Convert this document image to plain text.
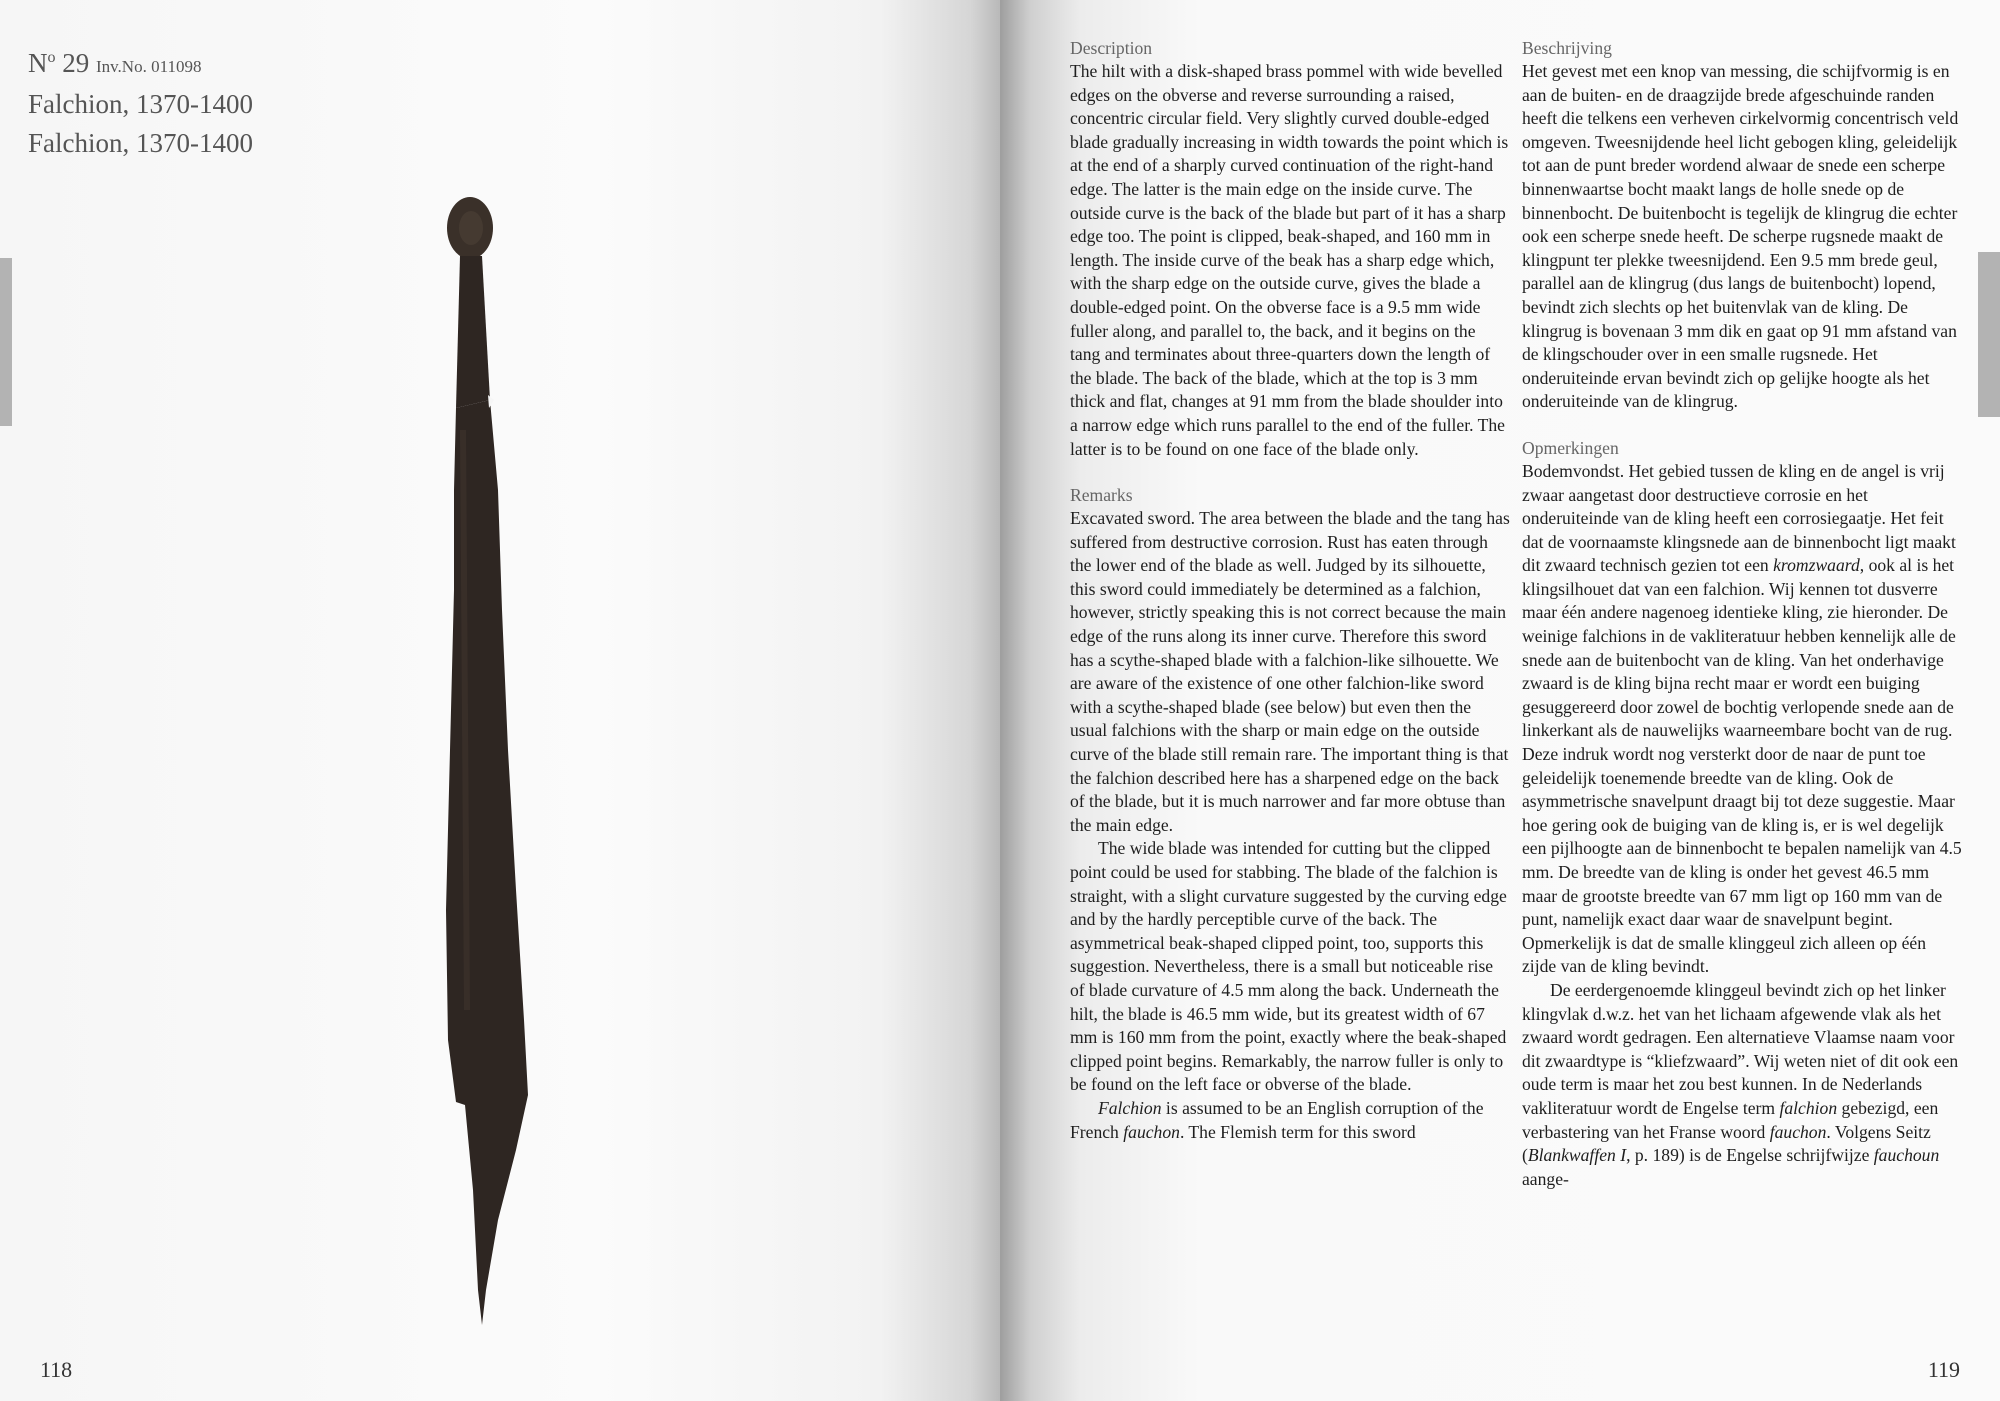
$N^o$ 29 Inv.No. 011098
Falchion, 1370-1400
Falchion, 1370-1400
118
Description

The hilt with a disk-shaped brass pommel with wide bevelled edges on the obverse and reverse surrounding a raised, concentric circular field. Very slightly curved double-edged blade gradually increasing in width towards the point which is at the end of a sharply curved continuation of the right-hand edge. The latter is the main edge on the inside curve. The outside curve is the back of the blade but part of it has a sharp edge too. The point is clipped, beak-shaped, and 160 mm in length. The inside curve of the beak has a sharp edge which, with the sharp edge on the outside curve, gives the blade a double-edged point. On the obverse face is a 9.5 mm wide fuller along, and parallel to, the back, and it begins on the tang and terminates about three-quarters down the length of the blade. The back of the blade, which at the top is 3 mm thick and flat, changes at 91 mm from the blade shoulder into a narrow edge which runs parallel to the end of the fuller. The latter is to be found on one face of the blade only.

Remarks

Excavated sword. The area between the blade and the tang has suffered from destructive corrosion. Rust has eaten through the lower end of the blade as well. Judged by its silhouette, this sword could immediately be determined as a falchion, however, strictly speaking this is not correct because the main edge of the runs along its inner curve. Therefore this sword has a scythe-shaped blade with a falchion-like silhouette. We are aware of the existence of one other falchion-like sword with a scythe-shaped blade (see below) but even then the usual falchions with the sharp or main edge on the outside curve of the blade still remain rare. The important thing is that the falchion described here has a sharpened edge on the back of the blade, but it is much narrower and far more obtuse than the main edge.

The wide blade was intended for cutting but the clipped point could be used for stabbing. The blade of the falchion is straight, with a slight curvature suggested by the curving edge and by the hardly perceptible curve of the back. The asymmetrical beak-shaped clipped point, too, supports this suggestion. Nevertheless, there is a small but noticeable rise of blade curvature of 4.5 mm along the back. Underneath the hilt, the blade is 46.5 mm wide, but its greatest width of 67 mm is 160 mm from the point, exactly where the beak-shaped clipped point begins. Remarkably, the narrow fuller is only to be found on the left face or obverse of the blade.

Falchion is assumed to be an English corruption of the French fauchon. The Flemish term for this sword

Beschrijving

Het gevest met een knop van messing, die schijfvormig is en aan de buiten- en de draagzijde brede afgeschuinde randen heeft die telkens een verheven cirkelvormig concentrisch veld omgeven. Tweesnijdende heel licht gebogen kling, geleidelijk tot aan de punt breder wordend alwaar de snede een scherpe binnenwaartse bocht maakt langs de holle snede op de binnenbocht. De buitenbocht is tegelijk de klingrug die echter ook een scherpe snede heeft. De scherpe rugsnede maakt de klingpunt ter plekke tweesnijdend. Een 9.5 mm brede geul, parallel aan de klingrug (dus langs de buitenbocht) lopend, bevindt zich slechts op het buitenvlak van de kling. De klingrug is bovenaan 3 mm dik en gaat op 91 mm afstand van de klingschouder over in een smalle rugsnede. Het onderuiteinde ervan bevindt zich op gelijke hoogte als het onderuiteinde van de klingrug.

Opmerkingen

Bodemvondst. Het gebied tussen de kling en de angel is vrij zwaar aangetast door destructieve corrosie en het onderuiteinde van de kling heeft een corrosiegaatje. Het feit dat de voornaamste klingsnede aan de binnenbocht ligt maakt dit zwaard technisch gezien tot een kromzwaard, ook al is het klingsilhouet dat van een falchion. Wij kennen tot dusverre maar één andere nagenoeg identieke kling, zie hieronder. De weinige falchions in de vakliteratuur hebben kennelijk alle de snede aan de buitenbocht van de kling. Van het onderhavige zwaard is de kling bijna recht maar er wordt een buiging gesuggereerd door zowel de bochtig verlopende snede aan de linkerkant als de nauwelijks waarneembare bocht van de rug. Deze indruk wordt nog versterkt door de naar de punt toe geleidelijk toenemende breedte van de kling. Ook de asymmetrische snavelpunt draagt bij tot deze suggestie. Maar hoe gering ook de buiging van de kling is, er is wel degelijk een pijlhoogte aan de binnenbocht te bepalen namelijk van 4.5 mm. De breedte van de kling is onder het gevest 46.5 mm maar de grootste breedte van 67 mm ligt op 160 mm van de punt, namelijk exact daar waar de snavelpunt begint. Opmerkelijk is dat de smalle klinggeul zich alleen op één zijde van de kling bevindt.

De eerdergenoemde klinggeul bevindt zich op het linker klingvlak d.w.z. het van het lichaam afgewende vlak als het zwaard wordt gedragen. Een alternatieve Vlaamse naam voor dit zwaardtype is “kliefzwaard”. Wij weten niet of dit ook een oude term is maar het zou best kunnen. In de Nederlands vakliteratuur wordt de Engelse term falchion gebezigd, een verbastering van het Franse woord fauchon. Volgens Seitz (Blankwaffen I, p. 189) is de Engelse schrijfwijze fauchoun aange-

119
